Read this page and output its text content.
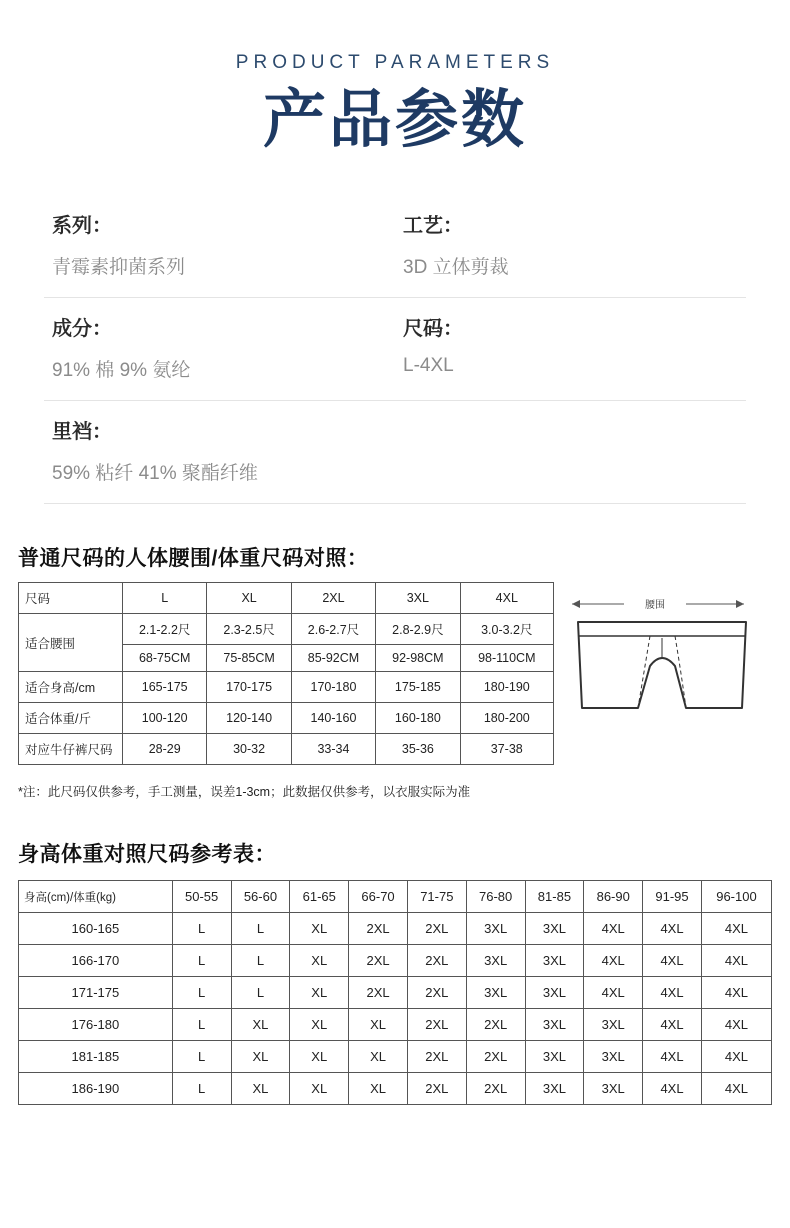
PRODUCT PARAMETERS
产品参数
系列：
青霉素抑菌系列
工艺：
3D 立体剪裁
成分：
91% 棉 9% 氨纶
尺码：
L-4XL
里裆：
59% 粘纤 41% 聚酯纤维
普通尺码的人体腰围/体重尺码对照：
尺码	L	XL	2XL	3XL	4XL
适合腰围	2.1-2.2尺	2.3-2.5尺	2.6-2.7尺	2.8-2.9尺	3.0-3.2尺
	68-75CM	75-85CM	85-92CM	92-98CM	98-110CM
适合身高/cm	165-175	170-175	170-180	175-185	180-190
适合体重/斤	100-120	120-140	140-160	160-180	180-200
对应牛仔裤尺码	28-29	30-32	33-34	35-36	37-38
腰围
*注：此尺码仅供参考，手工测量，误差1-3cm；此数据仅供参考，以衣服实际为准
身高体重对照尺码参考表：
身高(cm)/体重(kg)	50-55	56-60	61-65	66-70	71-75	76-80	81-85	86-90	91-95	96-100
160-165	L	L	XL	2XL	2XL	3XL	3XL	4XL	4XL	4XL
166-170	L	L	XL	2XL	2XL	3XL	3XL	4XL	4XL	4XL
171-175	L	L	XL	2XL	2XL	3XL	3XL	4XL	4XL	4XL
176-180	L	XL	XL	XL	2XL	2XL	3XL	3XL	4XL	4XL
181-185	L	XL	XL	XL	2XL	2XL	3XL	3XL	4XL	4XL
186-190	L	XL	XL	XL	2XL	2XL	3XL	3XL	4XL	4XL
